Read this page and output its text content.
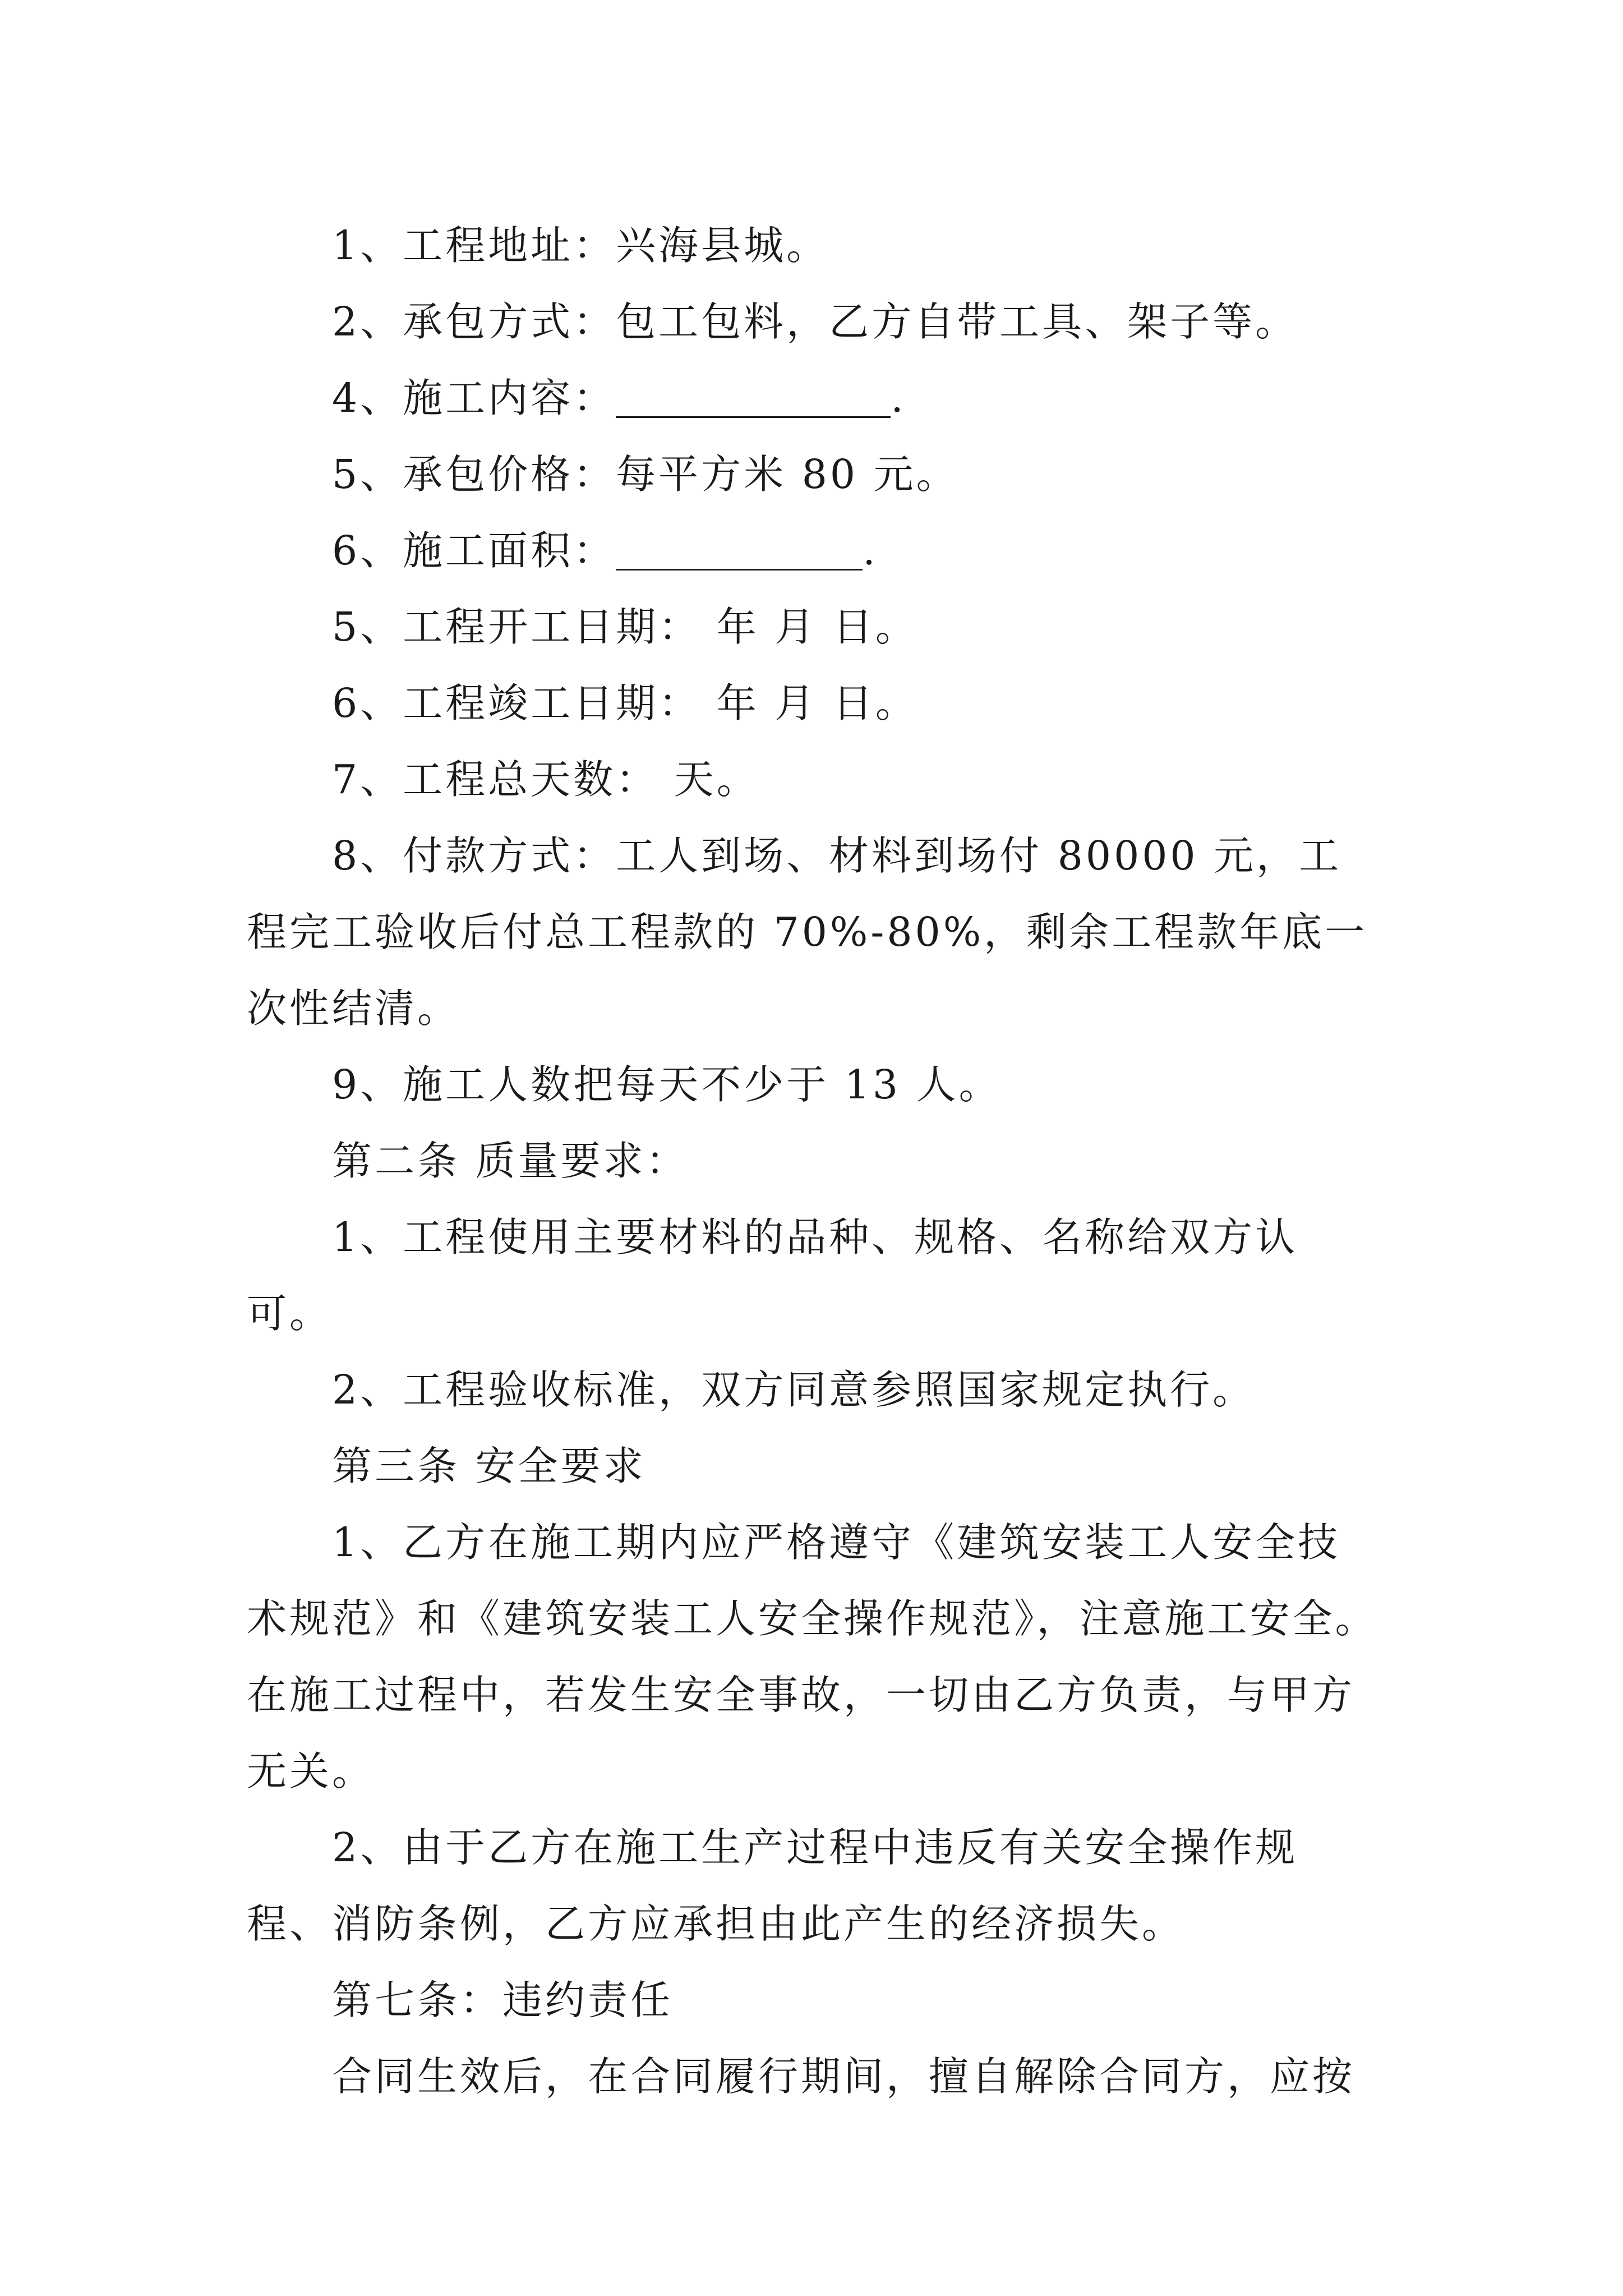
1、工程地址：兴海县城。

2、承包方式：包工包料，乙方自带工具、架子等。

4、施工内容：	.

5、承包价格：每平方米 80 元。

6、施工面积：	.

5、工程开工日期： 年 月 日。

6、工程竣工日期： 年 月 日。

7、工程总天数： 天。

8、付款方式：工人到场、材料到场付 80000 元，工程完工验收后付总工程款的 70%-80%，剩余工程款年底一次性结清。

9、施工人数把每天不少于 13 人。

第二条 质量要求：

1、工程使用主要材料的品种、规格、名称给双方认可。

2、工程验收标准，双方同意参照国家规定执行。

第三条 安全要求

1、乙方在施工期内应严格遵守《建筑安装工人安全技术规范》和《建筑安装工人安全操作规范》，注意施工安全。在施工过程中，若发生安全事故，一切由乙方负责，与甲方无关。

2、由于乙方在施工生产过程中违反有关安全操作规程、消防条例，乙方应承担由此产生的经济损失。

第七条：违约责任

合同生效后，在合同履行期间，擅自解除合同方，应按
